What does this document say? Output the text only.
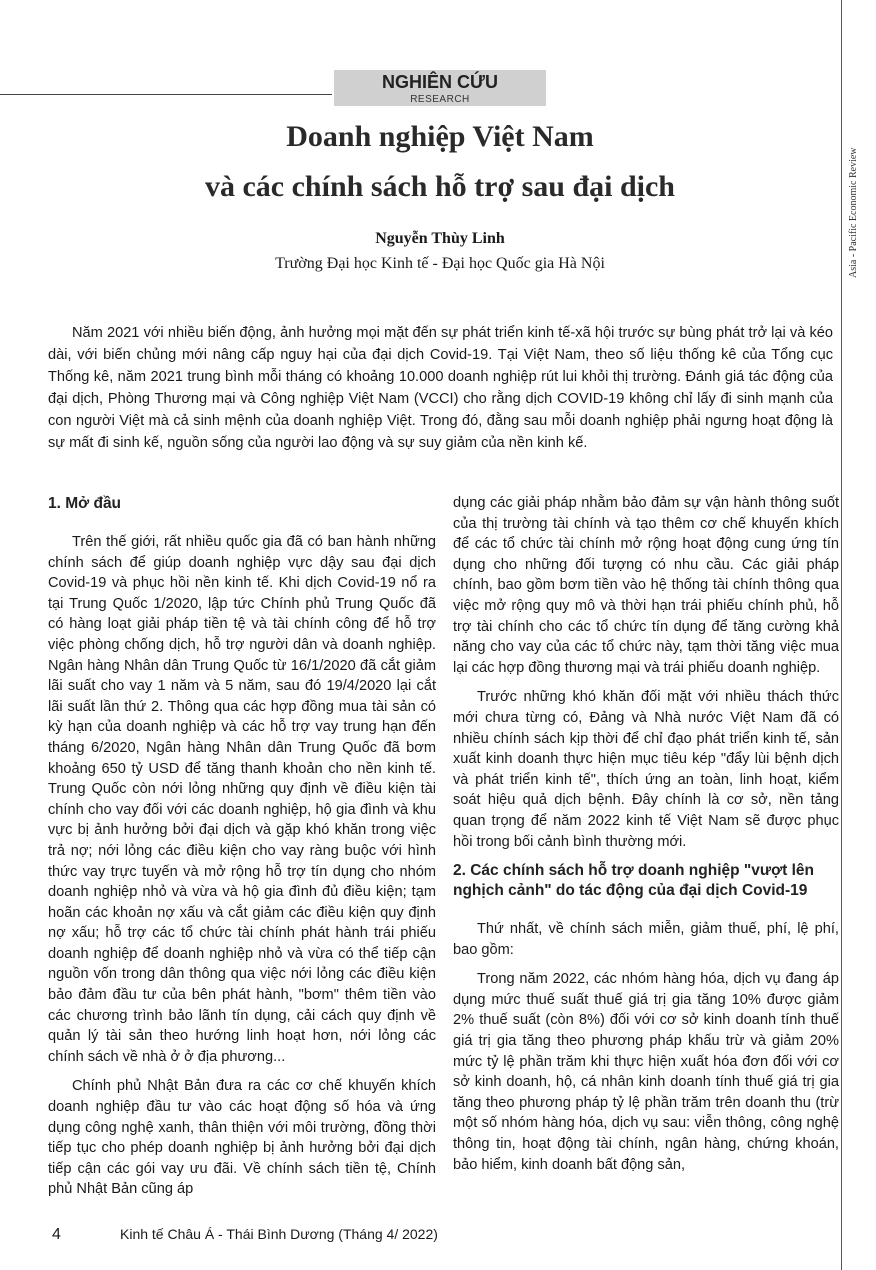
NGHIÊN CỨU
RESEARCH
Asia - Pacific Economic Review
Doanh nghiệp Việt Nam
và các chính sách hỗ trợ sau đại dịch
Nguyễn Thùy Linh
Trường Đại học Kinh tế - Đại học Quốc gia Hà Nội

Năm 2021 với nhiều biến động, ảnh hưởng mọi mặt đến sự phát triển kinh tế-xã hội trước sự bùng phát trở lại và kéo dài, với biến chủng mới nâng cấp nguy hại của đại dịch Covid-19. Tại Việt Nam, theo số liệu thống kê của Tổng cục Thống kê, năm 2021 trung bình mỗi tháng có khoảng 10.000 doanh nghiệp rút lui khỏi thị trường. Đánh giá tác động của đại dịch, Phòng Thương mại và Công nghiệp Việt Nam (VCCI) cho rằng dịch COVID-19 không chỉ lấy đi sinh mạnh của con người Việt mà cả sinh mệnh của doanh nghiệp Việt. Trong đó, đằng sau mỗi doanh nghiệp phải ngưng hoạt động là sự mất đi sinh kế, nguồn sống của người lao động và sự suy giảm của nền kinh kế.

1. Mở đầu

Trên thế giới, rất nhiều quốc gia đã có ban hành những chính sách để giúp doanh nghiệp vực dậy sau đại dịch Covid-19 và phục hồi nền kinh tế. Khi dịch Covid-19 nổ ra tại Trung Quốc 1/2020, lập tức Chính phủ Trung Quốc đã có hàng loạt giải pháp tiền tệ và tài chính công để hỗ trợ việc phòng chống dịch, hỗ trợ người dân và doanh nghiệp. Ngân hàng Nhân dân Trung Quốc từ 16/1/2020 đã cắt giảm lãi suất cho vay 1 năm và 5 năm, sau đó 19/4/2020 lại cắt lãi suất lần thứ 2. Thông qua các hợp đồng mua tài sản có kỳ hạn của doanh nghiệp và các hỗ trợ vay trung hạn đến tháng 6/2020, Ngân hàng Nhân dân Trung Quốc đã bơm khoảng 650 tỷ USD để tăng thanh khoản cho nền kinh tế. Trung Quốc còn nới lỏng những quy định về điều kiện tài chính cho vay đối với các doanh nghiệp, hộ gia đình và khu vực bị ảnh hưởng bởi đại dịch và gặp khó khăn trong việc trả nợ; nới lỏng các điều kiện cho vay ràng buộc với hình thức vay trực tuyến và mở rộng hỗ trợ tín dụng cho nhóm doanh nghiệp nhỏ và vừa và hộ gia đình đủ điều kiện; tạm hoãn các khoản nợ xấu và cắt giảm các điều kiện quy định nợ xấu; hỗ trợ các tổ chức tài chính phát hành trái phiếu doanh nghiệp để doanh nghiệp nhỏ và vừa có thể tiếp cận nguồn vốn trong dân thông qua việc nới lỏng các điều kiện bảo đảm đầu tư của bên phát hành, "bơm" thêm tiền vào các chương trình bảo lãnh tín dụng, cải cách quy định về quản lý tài sản theo hướng linh hoạt hơn, nới lỏng các chính sách về nhà ở ở địa phương...

Chính phủ Nhật Bản đưa ra các cơ chế khuyến khích doanh nghiệp đầu tư vào các hoạt động số hóa và ứng dụng công nghệ xanh, thân thiện với môi trường, đồng thời tiếp tục cho phép doanh nghiệp bị ảnh hưởng bởi đại dịch tiếp cận các gói vay ưu đãi. Về chính sách tiền tệ, Chính phủ Nhật Bản cũng áp

dụng các giải pháp nhằm bảo đảm sự vận hành thông suốt của thị trường tài chính và tạo thêm cơ chế khuyến khích để các tổ chức tài chính mở rộng hoạt động cung ứng tín dụng cho những đối tượng có nhu cầu. Các giải pháp chính, bao gồm bơm tiền vào hệ thống tài chính thông qua việc mở rộng quy mô và thời hạn trái phiếu chính phủ, hỗ trợ tài chính cho các tổ chức tín dụng để tăng cường khả năng cho vay của các tổ chức này, tạm thời tăng việc mua lại các hợp đồng thương mại và trái phiếu doanh nghiệp.

Trước những khó khăn đối mặt với nhiều thách thức mới chưa từng có, Đảng và Nhà nước Việt Nam đã có nhiều chính sách kịp thời để chỉ đạo phát triển kinh tế, sản xuất kinh doanh thực hiện mục tiêu kép "đẩy lùi bệnh dịch và phát triển kinh tế", thích ứng an toàn, linh hoạt, kiểm soát hiệu quả dịch bệnh. Đây chính là cơ sở, nền tảng quan trọng để năm 2022 kinh tế Việt Nam sẽ được phục hồi trong bối cảnh bình thường mới.

2. Các chính sách hỗ trợ doanh nghiệp "vượt lên nghịch cảnh" do tác động của đại dịch Covid-19

Thứ nhất, về chính sách miễn, giảm thuế, phí, lệ phí, bao gồm:

Trong năm 2022, các nhóm hàng hóa, dịch vụ đang áp dụng mức thuế suất thuế giá trị gia tăng 10% được giảm 2% thuế suất (còn 8%) đối với cơ sở kinh doanh tính thuế giá trị gia tăng theo phương pháp khấu trừ và giảm 20% mức tỷ lệ phần trăm khi thực hiện xuất hóa đơn đối với cơ sở kinh doanh, hộ, cá nhân kinh doanh tính thuế giá trị gia tăng theo phương pháp tỷ lệ phần trăm trên doanh thu (trừ một số nhóm hàng hóa, dịch vụ sau: viễn thông, công nghệ thông tin, hoạt động tài chính, ngân hàng, chứng khoán, bảo hiểm, kinh doanh bất động sản,

4	Kinh tế Châu Á - Thái Bình Dương (Tháng 4/ 2022)
